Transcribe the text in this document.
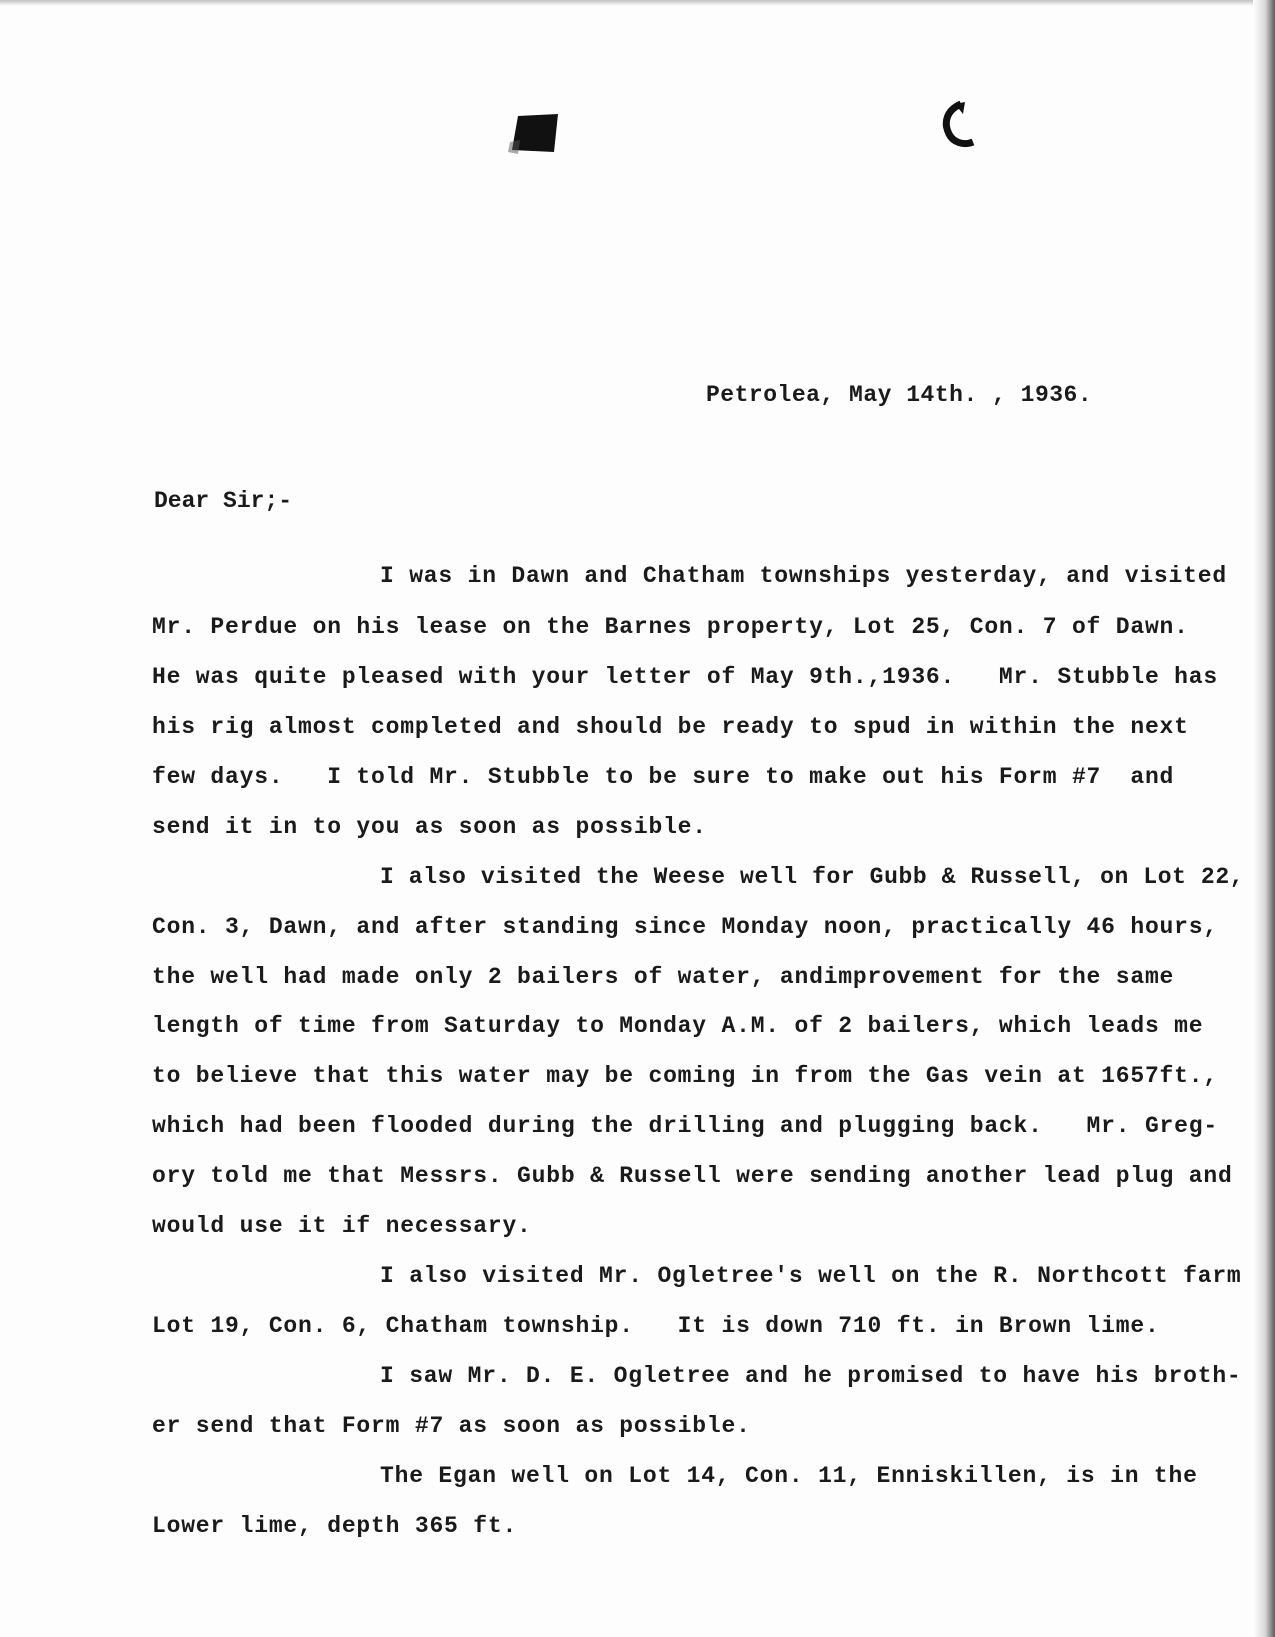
Petrolea, May 14th. , 1936.
Dear Sir;-
I was in Dawn and Chatham townships yesterday, and visited
Mr. Perdue on his lease on the Barnes property, Lot 25, Con. 7 of Dawn.
He was quite pleased with your letter of May 9th.,1936.   Mr. Stubble has
his rig almost completed and should be ready to spud in within the next
few days.   I told Mr. Stubble to be sure to make out his Form #7  and
send it in to you as soon as possible.
I also visited the Weese well for Gubb & Russell, on Lot 22,
Con. 3, Dawn, and after standing since Monday noon, practically 46 hours,
the well had made only 2 bailers of water, andimprovement for the same
length of time from Saturday to Monday A.M. of 2 bailers, which leads me
to believe that this water may be coming in from the Gas vein at 1657ft.,
which had been flooded during the drilling and plugging back.   Mr. Greg-
ory told me that Messrs. Gubb & Russell were sending another lead plug and
would use it if necessary.
I also visited Mr. Ogletree's well on the R. Northcott farm
Lot 19, Con. 6, Chatham township.   It is down 710 ft. in Brown lime.
I saw Mr. D. E. Ogletree and he promised to have his broth-
er send that Form #7 as soon as possible.
The Egan well on Lot 14, Con. 11, Enniskillen, is in the
Lower lime, depth 365 ft.
